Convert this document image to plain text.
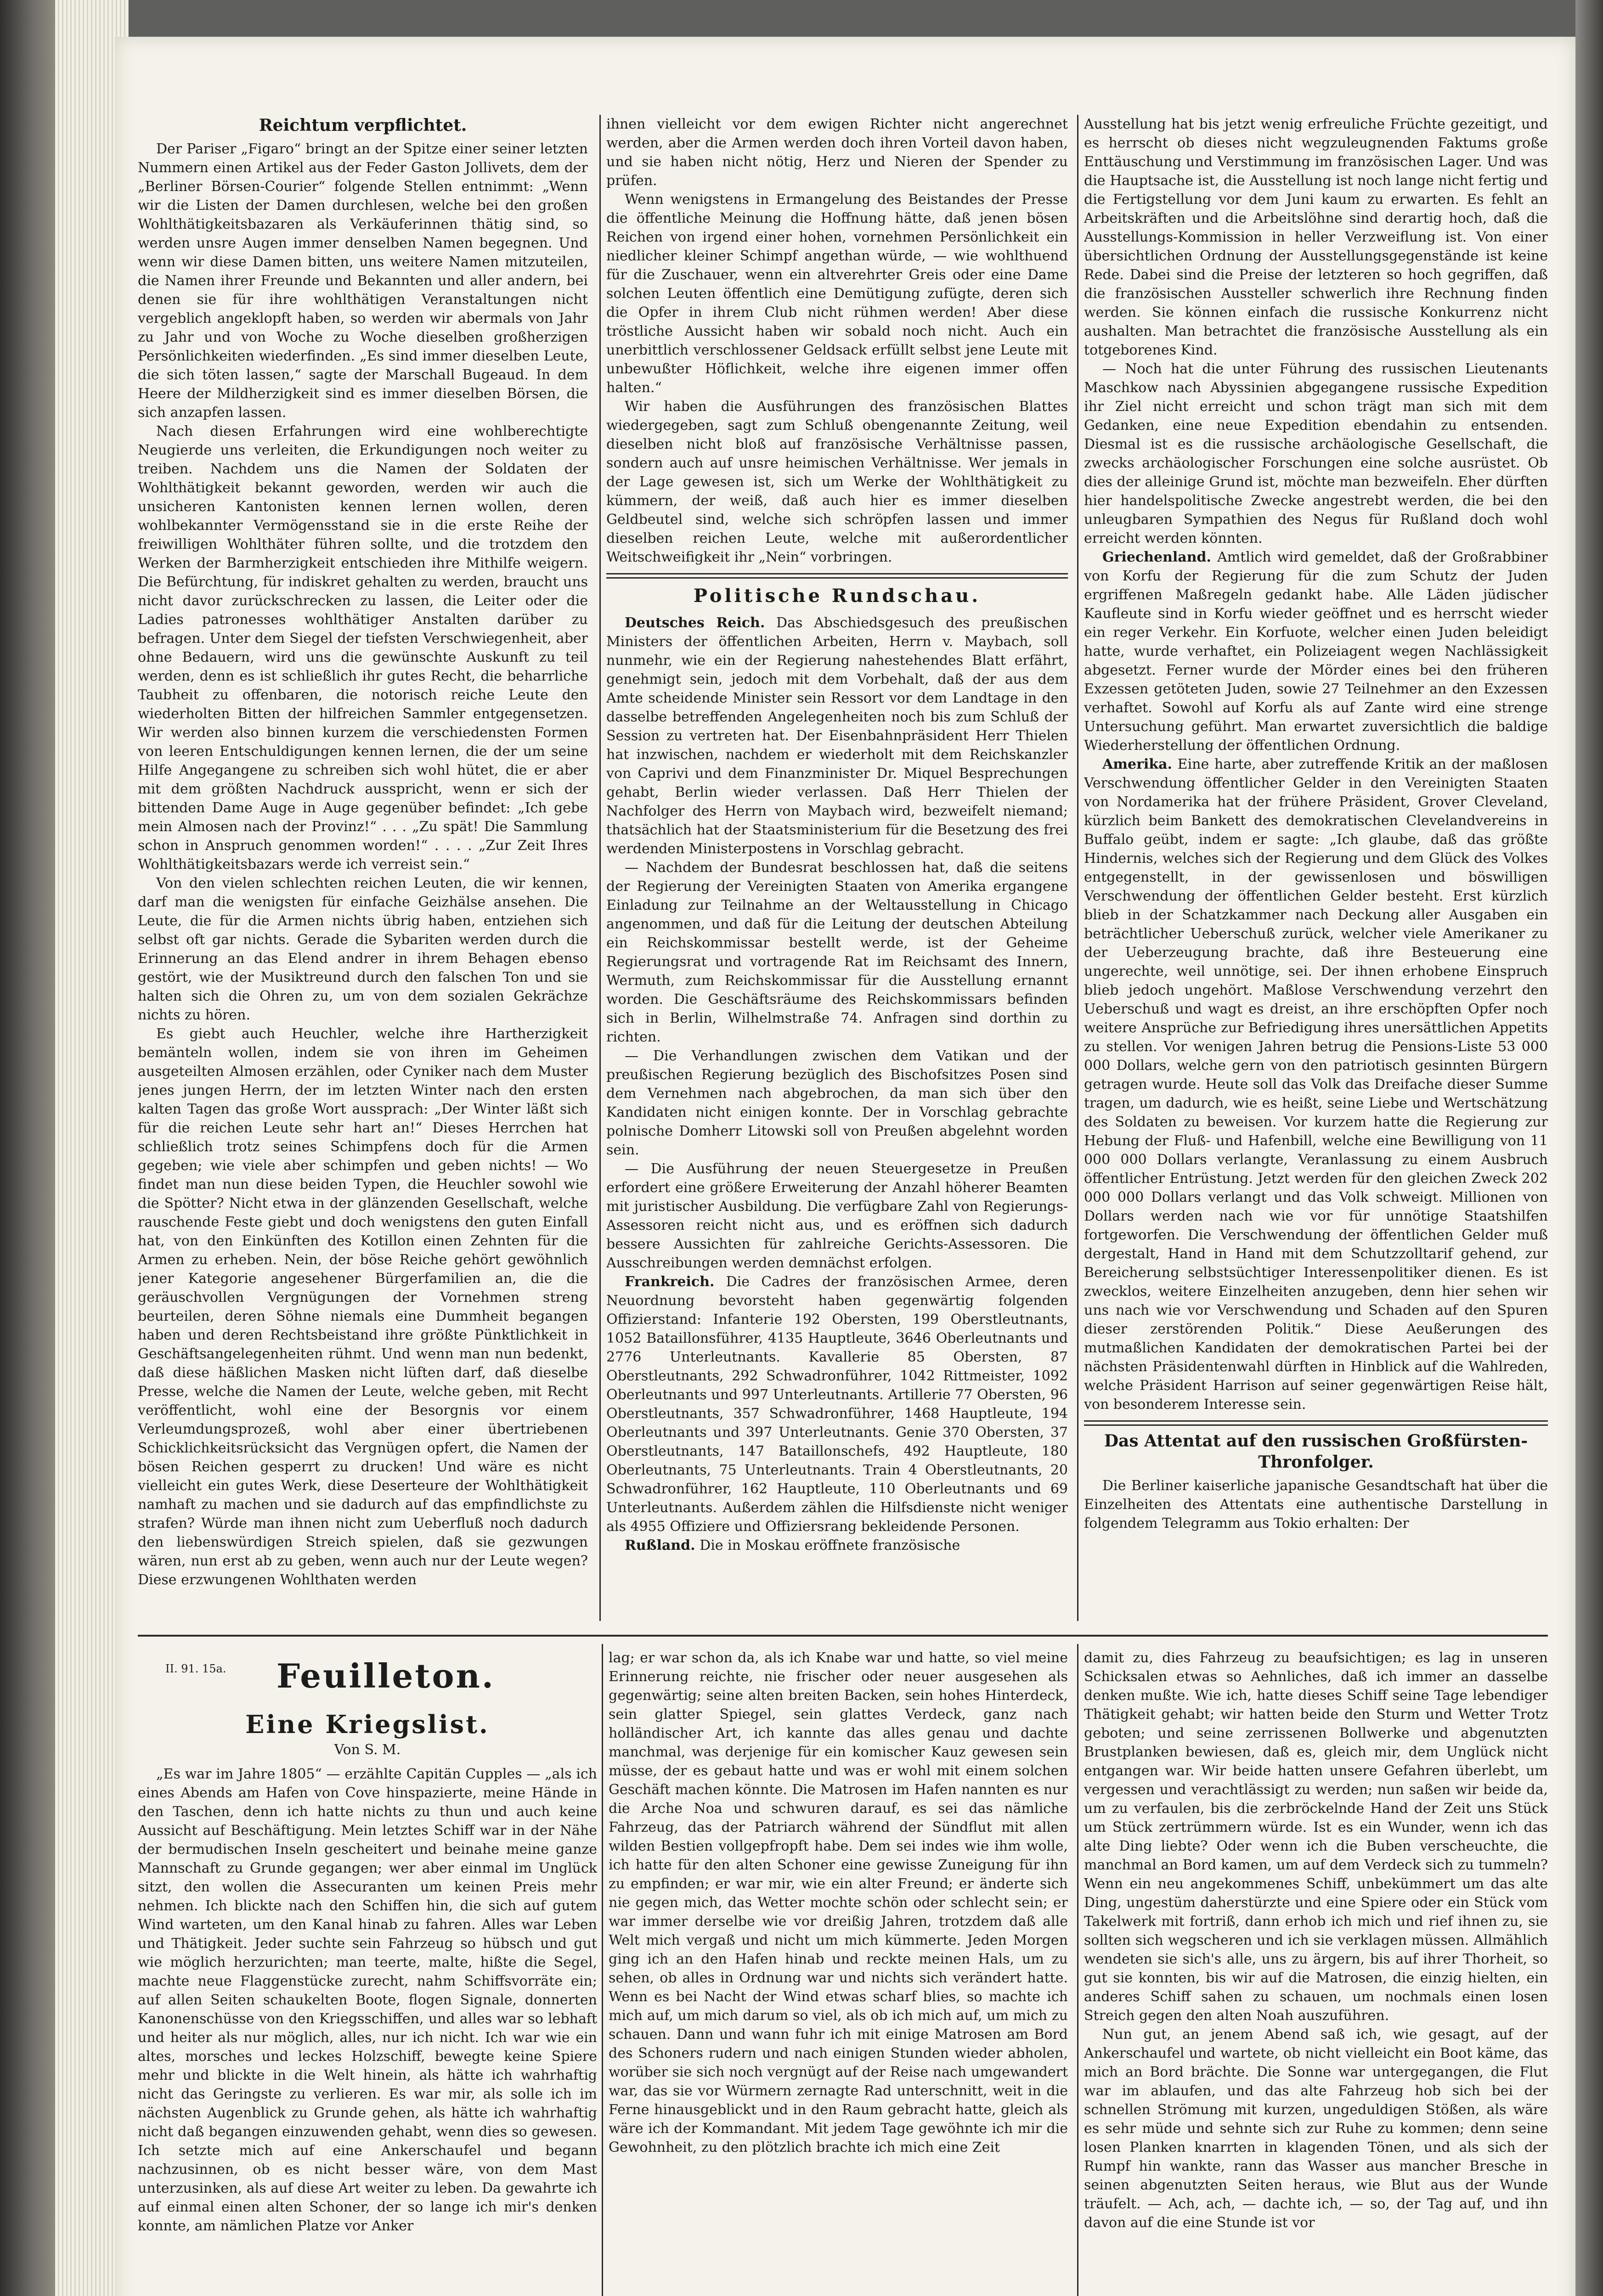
Reichtum verpflichtet.

Der Pariser „Figaro“ bringt an der Spitze einer seiner letzten Nummern einen Artikel aus der Feder Gaston Jollivets, dem der „Berliner Börsen-Courier“ folgende Stellen entnimmt: „Wenn wir die Listen der Damen durchlesen, welche bei den großen Wohlthätigkeitsbazaren als Verkäuferinnen thätig sind, so werden unsre Augen immer denselben Namen begegnen. Und wenn wir diese Damen bitten, uns weitere Namen mitzuteilen, die Namen ihrer Freunde und Bekannten und aller andern, bei denen sie für ihre wohlthätigen Veranstaltungen nicht vergeblich angeklopft haben, so werden wir abermals von Jahr zu Jahr und von Woche zu Woche dieselben großherzigen Persönlichkeiten wiederfinden. „Es sind immer dieselben Leute, die sich töten lassen,“ sagte der Marschall Bugeaud. In dem Heere der Mildherzigkeit sind es immer dieselben Börsen, die sich anzapfen lassen.

Nach diesen Erfahrungen wird eine wohlberechtigte Neugierde uns verleiten, die Erkundigungen noch weiter zu treiben. Nachdem uns die Namen der Soldaten der Wohlthätigkeit bekannt geworden, werden wir auch die unsicheren Kantonisten kennen lernen wollen, deren wohlbekannter Vermögensstand sie in die erste Reihe der freiwilligen Wohlthäter führen sollte, und die trotzdem den Werken der Barmherzigkeit entschieden ihre Mithilfe weigern. Die Befürchtung, für indiskret gehalten zu werden, braucht uns nicht davor zurückschrecken zu lassen, die Leiter oder die Ladies patronesses wohlthätiger Anstalten darüber zu befragen. Unter dem Siegel der tiefsten Verschwiegenheit, aber ohne Bedauern, wird uns die gewünschte Auskunft zu teil werden, denn es ist schließlich ihr gutes Recht, die beharrliche Taubheit zu offenbaren, die notorisch reiche Leute den wiederholten Bitten der hilfreichen Sammler entgegensetzen. Wir werden also binnen kurzem die verschiedensten Formen von leeren Entschuldigungen kennen lernen, die der um seine Hilfe Angegangene zu schreiben sich wohl hütet, die er aber mit dem größten Nachdruck ausspricht, wenn er sich der bittenden Dame Auge in Auge gegenüber befindet: „Ich gebe mein Almosen nach der Provinz!“ . . . „Zu spät! Die Sammlung schon in Anspruch genommen worden!“ . . . . „Zur Zeit Ihres Wohlthätigkeitsbazars werde ich verreist sein.“

Von den vielen schlechten reichen Leuten, die wir kennen, darf man die wenigsten für einfache Geizhälse ansehen. Die Leute, die für die Armen nichts übrig haben, entziehen sich selbst oft gar nichts. Gerade die Sybariten werden durch die Erinnerung an das Elend andrer in ihrem Behagen ebenso gestört, wie der Musiktreund durch den falschen Ton und sie halten sich die Ohren zu, um von dem sozialen Gekrächze nichts zu hören.

Es giebt auch Heuchler, welche ihre Hartherzigkeit bemänteln wollen, indem sie von ihren im Geheimen ausgeteilten Almosen erzählen, oder Cyniker nach dem Muster jenes jungen Herrn, der im letzten Winter nach den ersten kalten Tagen das große Wort aussprach: „Der Winter läßt sich für die reichen Leute sehr hart an!“ Dieses Herrchen hat schließlich trotz seines Schimpfens doch für die Armen gegeben; wie viele aber schimpfen und geben nichts! — Wo findet man nun diese beiden Typen, die Heuchler sowohl wie die Spötter? Nicht etwa in der glänzenden Gesellschaft, welche rauschende Feste giebt und doch wenigstens den guten Einfall hat, von den Einkünften des Kotillon einen Zehnten für die Armen zu erheben. Nein, der böse Reiche gehört gewöhnlich jener Kategorie angesehener Bürgerfamilien an, die die geräuschvollen Vergnügungen der Vornehmen streng beurteilen, deren Söhne niemals eine Dummheit begangen haben und deren Rechtsbeistand ihre größte Pünktlichkeit in Geschäftsangelegenheiten rühmt. Und wenn man nun bedenkt, daß diese häßlichen Masken nicht lüften darf, daß dieselbe Presse, welche die Namen der Leute, welche geben, mit Recht veröffentlicht, wohl eine der Besorgnis vor einem Verleumdungsprozeß, wohl aber einer übertriebenen Schicklichkeitsrücksicht das Vergnügen opfert, die Namen der bösen Reichen gesperrt zu drucken! Und wäre es nicht vielleicht ein gutes Werk, diese Deserteure der Wohlthätigkeit namhaft zu machen und sie dadurch auf das empfindlichste zu strafen? Würde man ihnen nicht zum Ueberfluß noch dadurch den liebenswürdigen Streich spielen, daß sie gezwungen wären, nun erst ab zu geben, wenn auch nur der Leute wegen? Diese erzwungenen Wohlthaten werden

ihnen vielleicht vor dem ewigen Richter nicht angerechnet werden, aber die Armen werden doch ihren Vorteil davon haben, und sie haben nicht nötig, Herz und Nieren der Spender zu prüfen.

Wenn wenigstens in Ermangelung des Beistandes der Presse die öffentliche Meinung die Hoffnung hätte, daß jenen bösen Reichen von irgend einer hohen, vornehmen Persönlichkeit ein niedlicher kleiner Schimpf angethan würde, — wie wohlthuend für die Zuschauer, wenn ein altverehrter Greis oder eine Dame solchen Leuten öffentlich eine Demütigung zufügte, deren sich die Opfer in ihrem Club nicht rühmen werden! Aber diese tröstliche Aussicht haben wir sobald noch nicht. Auch ein unerbittlich verschlossener Geldsack erfüllt selbst jene Leute mit unbewußter Höflichkeit, welche ihre eigenen immer offen halten.“

Wir haben die Ausführungen des französischen Blattes wiedergegeben, sagt zum Schluß obengenannte Zeitung, weil dieselben nicht bloß auf französische Verhältnisse passen, sondern auch auf unsre heimischen Verhältnisse. Wer jemals in der Lage gewesen ist, sich um Werke der Wohlthätigkeit zu kümmern, der weiß, daß auch hier es immer dieselben Geldbeutel sind, welche sich schröpfen lassen und immer dieselben reichen Leute, welche mit außerordentlicher Weitschweifigkeit ihr „Nein“ vorbringen.

Politische Rundschau.

Deutsches Reich. Das Abschiedsgesuch des preußischen Ministers der öffentlichen Arbeiten, Herrn v. Maybach, soll nunmehr, wie ein der Regierung nahestehendes Blatt erfährt, genehmigt sein, jedoch mit dem Vorbehalt, daß der aus dem Amte scheidende Minister sein Ressort vor dem Landtage in den dasselbe betreffenden Angelegenheiten noch bis zum Schluß der Session zu vertreten hat. Der Eisenbahnpräsident Herr Thielen hat inzwischen, nachdem er wiederholt mit dem Reichskanzler von Caprivi und dem Finanzminister Dr. Miquel Besprechungen gehabt, Berlin wieder verlassen. Daß Herr Thielen der Nachfolger des Herrn von Maybach wird, bezweifelt niemand; thatsächlich hat der Staatsministerium für die Besetzung des frei werdenden Ministerpostens in Vorschlag gebracht.

— Nachdem der Bundesrat beschlossen hat, daß die seitens der Regierung der Vereinigten Staaten von Amerika ergangene Einladung zur Teilnahme an der Weltausstellung in Chicago angenommen, und daß für die Leitung der deutschen Abteilung ein Reichskommissar bestellt werde, ist der Geheime Regierungsrat und vortragende Rat im Reichsamt des Innern, Wermuth, zum Reichskommissar für die Ausstellung ernannt worden. Die Geschäftsräume des Reichskommissars befinden sich in Berlin, Wilhelmstraße 74. Anfragen sind dorthin zu richten.

— Die Verhandlungen zwischen dem Vatikan und der preußischen Regierung bezüglich des Bischofsitzes Posen sind dem Vernehmen nach abgebrochen, da man sich über den Kandidaten nicht einigen konnte. Der in Vorschlag gebrachte polnische Domherr Litowski soll von Preußen abgelehnt worden sein.

— Die Ausführung der neuen Steuergesetze in Preußen erfordert eine größere Erweiterung der Anzahl höherer Beamten mit juristischer Ausbildung. Die verfügbare Zahl von Regierungs-Assessoren reicht nicht aus, und es eröffnen sich dadurch bessere Aussichten für zahlreiche Gerichts-Assessoren. Die Ausschreibungen werden demnächst erfolgen.

Frankreich. Die Cadres der französischen Armee, deren Neuordnung bevorsteht haben gegenwärtig folgenden Offizierstand: Infanterie 192 Obersten, 199 Oberstleutnants, 1052 Bataillonsführer, 4135 Hauptleute, 3646 Oberleutnants und 2776 Unterleutnants. Kavallerie 85 Obersten, 87 Oberstleutnants, 292 Schwadronführer, 1042 Rittmeister, 1092 Oberleutnants und 997 Unterleutnants. Artillerie 77 Obersten, 96 Oberstleutnants, 357 Schwadronführer, 1468 Hauptleute, 194 Oberleutnants und 397 Unterleutnants. Genie 370 Obersten, 37 Oberstleutnants, 147 Bataillonschefs, 492 Hauptleute, 180 Oberleutnants, 75 Unterleutnants. Train 4 Oberstleutnants, 20 Schwadronführer, 162 Hauptleute, 110 Oberleutnants und 69 Unterleutnants. Außerdem zählen die Hilfsdienste nicht weniger als 4955 Offiziere und Offiziersrang bekleidende Personen.

Rußland. Die in Moskau eröffnete französische

Ausstellung hat bis jetzt wenig erfreuliche Früchte gezeitigt, und es herrscht ob dieses nicht wegzuleugnenden Faktums große Enttäuschung und Verstimmung im französischen Lager. Und was die Hauptsache ist, die Ausstellung ist noch lange nicht fertig und die Fertigstellung vor dem Juni kaum zu erwarten. Es fehlt an Arbeitskräften und die Arbeitslöhne sind derartig hoch, daß die Ausstellungs-Kommission in heller Verzweiflung ist. Von einer übersichtlichen Ordnung der Ausstellungsgegenstände ist keine Rede. Dabei sind die Preise der letzteren so hoch gegriffen, daß die französischen Aussteller schwerlich ihre Rechnung finden werden. Sie können einfach die russische Konkurrenz nicht aushalten. Man betrachtet die französische Ausstellung als ein totgeborenes Kind.

— Noch hat die unter Führung des russischen Lieutenants Maschkow nach Abyssinien abgegangene russische Expedition ihr Ziel nicht erreicht und schon trägt man sich mit dem Gedanken, eine neue Expedition ebendahin zu entsenden. Diesmal ist es die russische archäologische Gesellschaft, die zwecks archäologischer Forschungen eine solche ausrüstet. Ob dies der alleinige Grund ist, möchte man bezweifeln. Eher dürften hier handelspolitische Zwecke angestrebt werden, die bei den unleugbaren Sympathien des Negus für Rußland doch wohl erreicht werden könnten.

Griechenland. Amtlich wird gemeldet, daß der Großrabbiner von Korfu der Regierung für die zum Schutz der Juden ergriffenen Maßregeln gedankt habe. Alle Läden jüdischer Kaufleute sind in Korfu wieder geöffnet und es herrscht wieder ein reger Verkehr. Ein Korfuote, welcher einen Juden beleidigt hatte, wurde verhaftet, ein Polizeiagent wegen Nachlässigkeit abgesetzt. Ferner wurde der Mörder eines bei den früheren Exzessen getöteten Juden, sowie 27 Teilnehmer an den Exzessen verhaftet. Sowohl auf Korfu als auf Zante wird eine strenge Untersuchung geführt. Man erwartet zuversichtlich die baldige Wiederherstellung der öffentlichen Ordnung.

Amerika. Eine harte, aber zutreffende Kritik an der maßlosen Verschwendung öffentlicher Gelder in den Vereinigten Staaten von Nordamerika hat der frühere Präsident, Grover Cleveland, kürzlich beim Bankett des demokratischen Clevelandvereins in Buffalo geübt, indem er sagte: „Ich glaube, daß das größte Hindernis, welches sich der Regierung und dem Glück des Volkes entgegenstellt, in der gewissenlosen und böswilligen Verschwendung der öffentlichen Gelder besteht. Erst kürzlich blieb in der Schatzkammer nach Deckung aller Ausgaben ein beträchtlicher Ueberschuß zurück, welcher viele Amerikaner zu der Ueberzeugung brachte, daß ihre Besteuerung eine ungerechte, weil unnötige, sei. Der ihnen erhobene Einspruch blieb jedoch ungehört. Maßlose Verschwendung verzehrt den Ueberschuß und wagt es dreist, an ihre erschöpften Opfer noch weitere Ansprüche zur Befriedigung ihres unersättlichen Appetits zu stellen. Vor wenigen Jahren betrug die Pensions-Liste 53 000 000 Dollars, welche gern von den patriotisch gesinnten Bürgern getragen wurde. Heute soll das Volk das Dreifache dieser Summe tragen, um dadurch, wie es heißt, seine Liebe und Wertschätzung des Soldaten zu beweisen. Vor kurzem hatte die Regierung zur Hebung der Fluß- und Hafenbill, welche eine Bewilligung von 11 000 000 Dollars verlangte, Veranlassung zu einem Ausbruch öffentlicher Entrüstung. Jetzt werden für den gleichen Zweck 202 000 000 Dollars verlangt und das Volk schweigt. Millionen von Dollars werden nach wie vor für unnötige Staatshilfen fortgeworfen. Die Verschwendung der öffentlichen Gelder muß dergestalt, Hand in Hand mit dem Schutzzolltarif gehend, zur Bereicherung selbstsüchtiger Interessenpolitiker dienen. Es ist zwecklos, weitere Einzelheiten anzugeben, denn hier sehen wir uns nach wie vor Verschwendung und Schaden auf den Spuren dieser zerstörenden Politik.“ Diese Aeußerungen des mutmaßlichen Kandidaten der demokratischen Partei bei der nächsten Präsidentenwahl dürften in Hinblick auf die Wahlreden, welche Präsident Harrison auf seiner gegenwärtigen Reise hält, von besonderem Interesse sein.

Das Attentat auf den russischen Großfürsten-Thronfolger.

Die Berliner kaiserliche japanische Gesandtschaft hat über die Einzelheiten des Attentats eine authentische Darstellung in folgendem Telegramm aus Tokio erhalten: Der

II. 91. 15a.	Feuilleton.
Eine Kriegslist.
Von S. M.

„Es war im Jahre 1805“ — erzählte Capitän Cupples — „als ich eines Abends am Hafen von Cove hinspazierte, meine Hände in den Taschen, denn ich hatte nichts zu thun und auch keine Aussicht auf Beschäftigung. Mein letztes Schiff war in der Nähe der bermudischen Inseln gescheitert und beinahe meine ganze Mannschaft zu Grunde gegangen; wer aber einmal im Unglück sitzt, den wollen die Assecuranten um keinen Preis mehr nehmen. Ich blickte nach den Schiffen hin, die sich auf gutem Wind warteten, um den Kanal hinab zu fahren. Alles war Leben und Thätigkeit. Jeder suchte sein Fahrzeug so hübsch und gut wie möglich herzurichten; man teerte, malte, hißte die Segel, machte neue Flaggenstücke zurecht, nahm Schiffsvorräte ein; auf allen Seiten schaukelten Boote, flogen Signale, donnerten Kanonenschüsse von den Kriegsschiffen, und alles war so lebhaft und heiter als nur möglich, alles, nur ich nicht. Ich war wie ein altes, morsches und leckes Holzschiff, bewegte keine Spiere mehr und blickte in die Welt hinein, als hätte ich wahrhaftig nicht das Geringste zu verlieren. Es war mir, als solle ich im nächsten Augenblick zu Grunde gehen, als hätte ich wahrhaftig nicht daß begangen einzuwenden gehabt, wenn dies so gewesen. Ich setzte mich auf eine Ankerschaufel und begann nachzusinnen, ob es nicht besser wäre, von dem Mast unterzusinken, als auf diese Art weiter zu leben. Da gewahrte ich auf einmal einen alten Schoner, der so lange ich mir's denken konnte, am nämlichen Platze vor Anker

lag; er war schon da, als ich Knabe war und hatte, so viel meine Erinnerung reichte, nie frischer oder neuer ausgesehen als gegenwärtig; seine alten breiten Backen, sein hohes Hinterdeck, sein glatter Spiegel, sein glattes Verdeck, ganz nach holländischer Art, ich kannte das alles genau und dachte manchmal, was derjenige für ein komischer Kauz gewesen sein müsse, der es gebaut hatte und was er wohl mit einem solchen Geschäft machen könnte. Die Matrosen im Hafen nannten es nur die Arche Noa und schwuren darauf, es sei das nämliche Fahrzeug, das der Patriarch während der Sündflut mit allen wilden Bestien vollgepfropft habe. Dem sei indes wie ihm wolle, ich hatte für den alten Schoner eine gewisse Zuneigung für ihn zu empfinden; er war mir, wie ein alter Freund; er änderte sich nie gegen mich, das Wetter mochte schön oder schlecht sein; er war immer derselbe wie vor dreißig Jahren, trotzdem daß alle Welt mich vergaß und nicht um mich kümmerte. Jeden Morgen ging ich an den Hafen hinab und reckte meinen Hals, um zu sehen, ob alles in Ordnung war und nichts sich verändert hatte. Wenn es bei Nacht der Wind etwas scharf blies, so machte ich mich auf, um mich darum so viel, als ob ich mich auf, um mich zu schauen. Dann und wann fuhr ich mit einige Matrosen am Bord des Schoners rudern und nach einigen Stunden wieder abholen, worüber sie sich noch vergnügt auf der Reise nach umgewandert war, das sie vor Würmern zernagte Rad unterschnitt, weit in die Ferne hinausgeblickt und in den Raum gebracht hatte, gleich als wäre ich der Kommandant. Mit jedem Tage gewöhnte ich mir die Gewohnheit, zu den plötzlich brachte ich mich eine Zeit

damit zu, dies Fahrzeug zu beaufsichtigen; es lag in unseren Schicksalen etwas so Aehnliches, daß ich immer an dasselbe denken mußte. Wie ich, hatte dieses Schiff seine Tage lebendiger Thätigkeit gehabt; wir hatten beide den Sturm und Wetter Trotz geboten; und seine zerrissenen Bollwerke und abgenutzten Brustplanken bewiesen, daß es, gleich mir, dem Unglück nicht entgangen war. Wir beide hatten unsere Gefahren überlebt, um vergessen und verachtlässigt zu werden; nun saßen wir beide da, um zu verfaulen, bis die zerbröckelnde Hand der Zeit uns Stück um Stück zertrümmern würde. Ist es ein Wunder, wenn ich das alte Ding liebte? Oder wenn ich die Buben verscheuchte, die manchmal an Bord kamen, um auf dem Verdeck sich zu tummeln? Wenn ein neu angekommenes Schiff, unbekümmert um das alte Ding, ungestüm daherstürzte und eine Spiere oder ein Stück vom Takelwerk mit fortriß, dann erhob ich mich und rief ihnen zu, sie sollten sich wegscheren und ich sie verklagen müssen. Allmählich wendeten sie sich's alle, uns zu ärgern, bis auf ihrer Thorheit, so gut sie konnten, bis wir auf die Matrosen, die einzig hielten, ein anderes Schiff sahen zu schauen, um nochmals einen losen Streich gegen den alten Noah auszuführen.

Nun gut, an jenem Abend saß ich, wie gesagt, auf der Ankerschaufel und wartete, ob nicht vielleicht ein Boot käme, das mich an Bord brächte. Die Sonne war untergegangen, die Flut war im ablaufen, und das alte Fahrzeug hob sich bei der schnellen Strömung mit kurzen, ungeduldigen Stößen, als wäre es sehr müde und sehnte sich zur Ruhe zu kommen; denn seine losen Planken knarrten in klagenden Tönen, und als sich der Rumpf hin wankte, rann das Wasser aus mancher Bresche in seinen abgenutzten Seiten heraus, wie Blut aus der Wunde träufelt. — Ach, ach, — dachte ich, — so, der Tag auf, und ihn davon auf die eine Stunde ist vor
